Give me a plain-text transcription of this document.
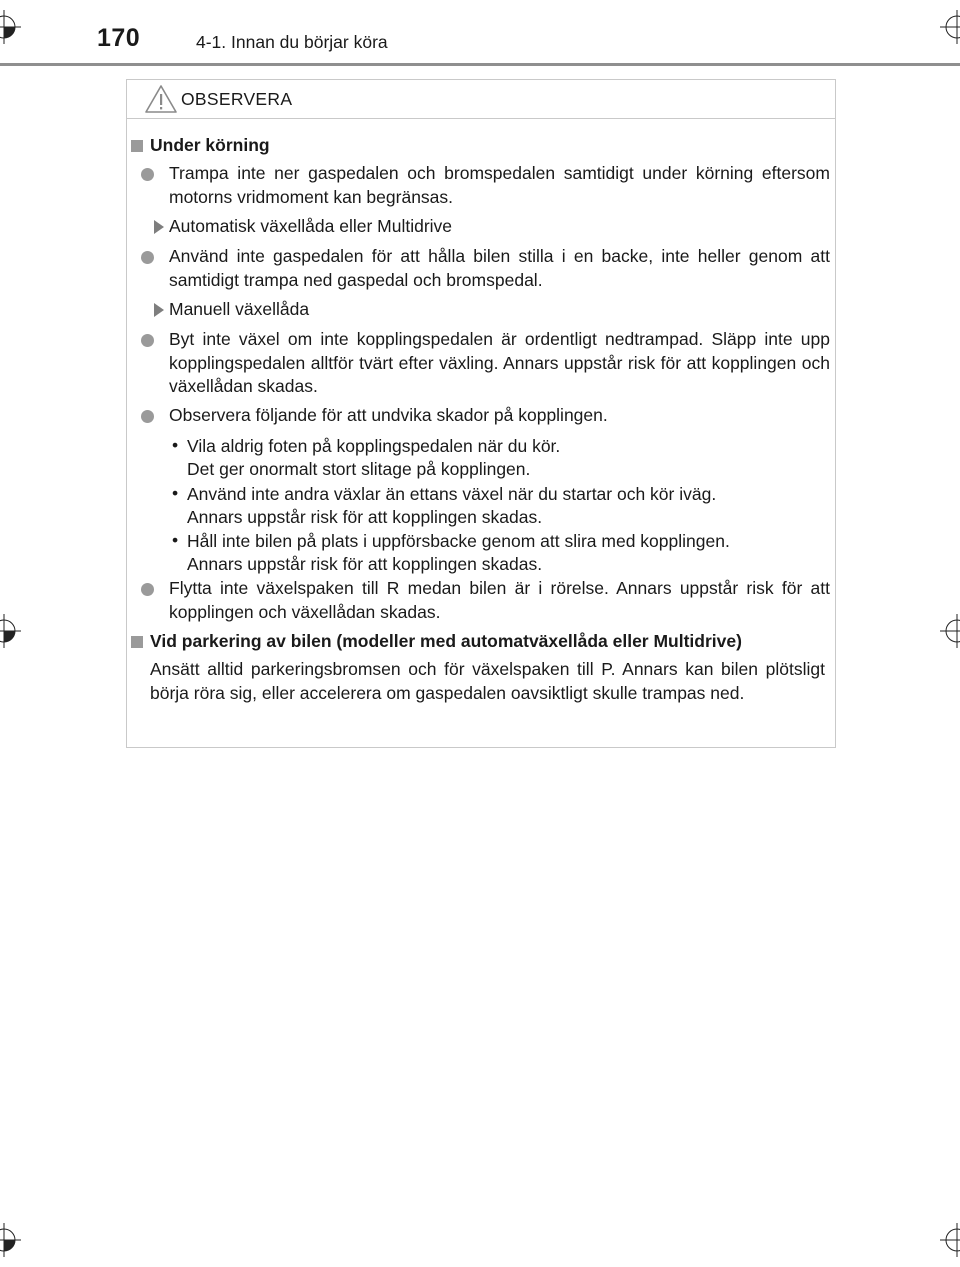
170	4-1. Innan du börjar köra
OBSERVERA
Under körning
Trampa inte ner gaspedalen och bromspedalen samtidigt under körning eftersom motorns vridmoment kan begränsas.
Automatisk växellåda eller Multidrive
Använd inte gaspedalen för att hålla bilen stilla i en backe, inte heller genom att samtidigt trampa ned gaspedal och bromspedal.
Manuell växellåda
Byt inte växel om inte kopplingspedalen är ordentligt nedtrampad. Släpp inte upp kopplingspedalen alltför tvärt efter växling. Annars uppstår risk för att kopplingen och växellådan skadas.
Observera följande för att undvika skador på kopplingen.
• Vila aldrig foten på kopplingspedalen när du kör.
Det ger onormalt stort slitage på kopplingen.
• Använd inte andra växlar än ettans växel när du startar och kör iväg.
Annars uppstår risk för att kopplingen skadas.
• Håll inte bilen på plats i uppförsbacke genom att slira med kopplingen.
Annars uppstår risk för att kopplingen skadas.
Flytta inte växelspaken till R medan bilen är i rörelse. Annars uppstår risk för att kopplingen och växellådan skadas.
Vid parkering av bilen (modeller med automatväxellåda eller Multidrive)
Ansätt alltid parkeringsbromsen och för växelspaken till P. Annars kan bilen plötsligt börja röra sig, eller accelerera om gaspedalen oavsiktligt skulle trampas ned.
